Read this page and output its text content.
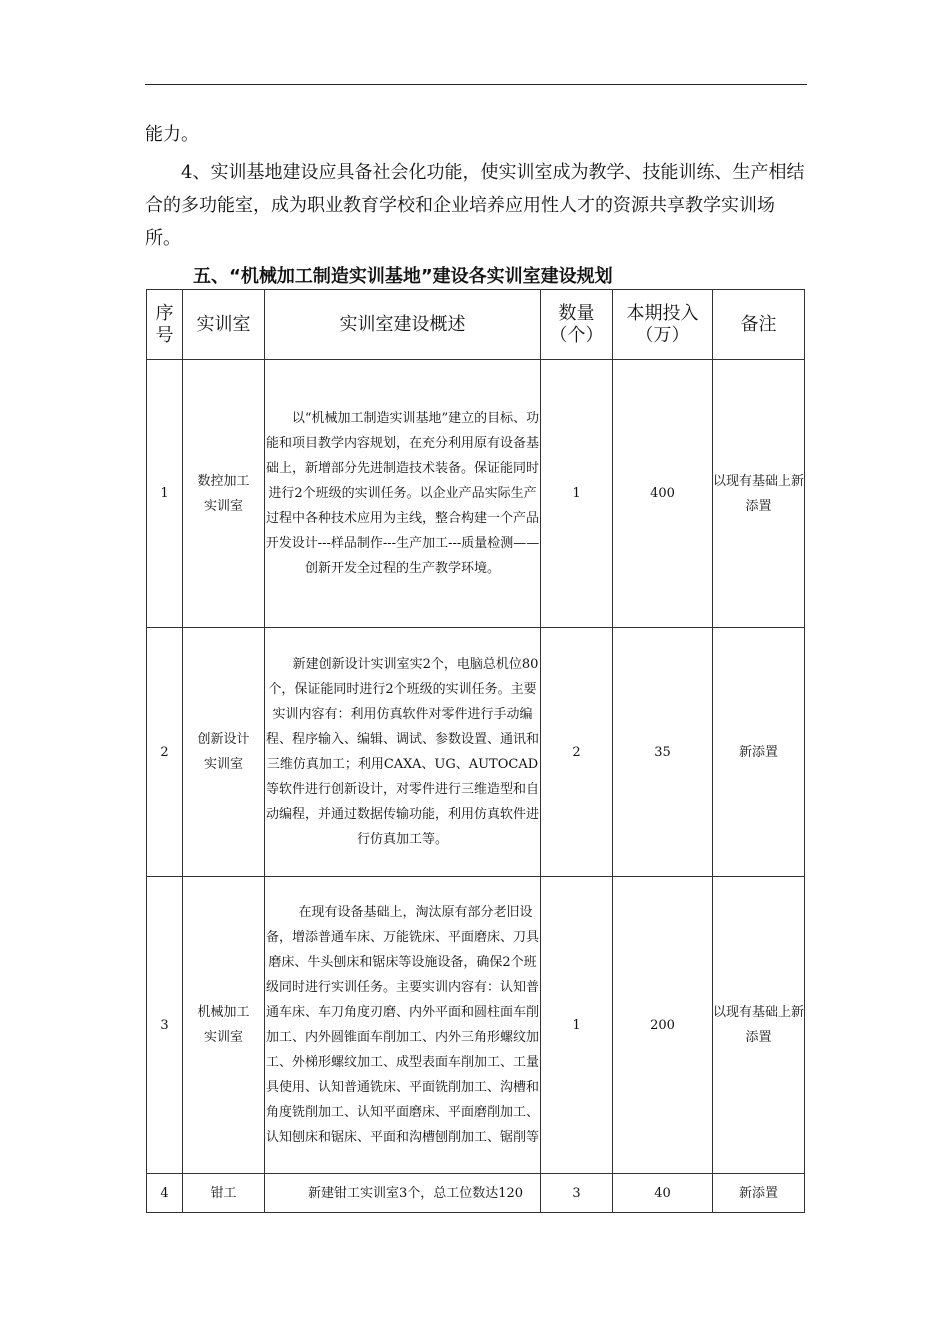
能力。
4、实训基地建设应具备社会化功能，使实训室成为教学、技能训练、生产相结合的多功能室，成为职业教育学校和企业培养应用性人才的资源共享教学实训场所。
五、“机械加工制造实训基地”建设各实训室建设规划
序号	实训室	实训室建设概述	数量（个）	本期投入（万）	备注
1	数控加工实训室	以“机械加工制造实训基地”建立的目标、功能和项目教学内容规划，在充分利用原有设备基础上，新增部分先进制造技术装备。保证能同时进行2个班级的实训任务。以企业产品实际生产过程中各种技术应用为主线，整合构建一个产品开发设计---样品制作---生产加工---质量检测——创新开发全过程的生产教学环境。	1	400	以现有基础上新添置
2	创新设计实训室	新建创新设计实训室实2个，电脑总机位80个，保证能同时进行2个班级的实训任务。主要实训内容有：利用仿真软件对零件进行手动编程、程序输入、编辑、调试、参数设置、通讯和三维仿真加工；利用CAXA、UG、AUTOCAD等软件进行创新设计，对零件进行三维造型和自动编程，并通过数据传输功能，利用仿真软件进行仿真加工等。	2	35	新添置
3	机械加工实训室	在现有设备基础上，淘汰原有部分老旧设备，增添普通车床、万能铣床、平面磨床、刀具磨床、牛头刨床和锯床等设施设备，确保2个班级同时进行实训任务。主要实训内容有：认知普通车床、车刀角度刃磨、内外平面和圆柱面车削加工、内外圆锥面车削加工、内外三角形螺纹加工、外梯形螺纹加工、成型表面车削加工、工量具使用、认知普通铣床、平面铣削加工、沟槽和角度铣削加工、认知平面磨床、平面磨削加工、认知刨床和锯床、平面和沟槽刨削加工、锯削等	1	200	以现有基础上新添置
4	钳工	新建钳工实训室3个，总工位数达120	3	40	新添置
